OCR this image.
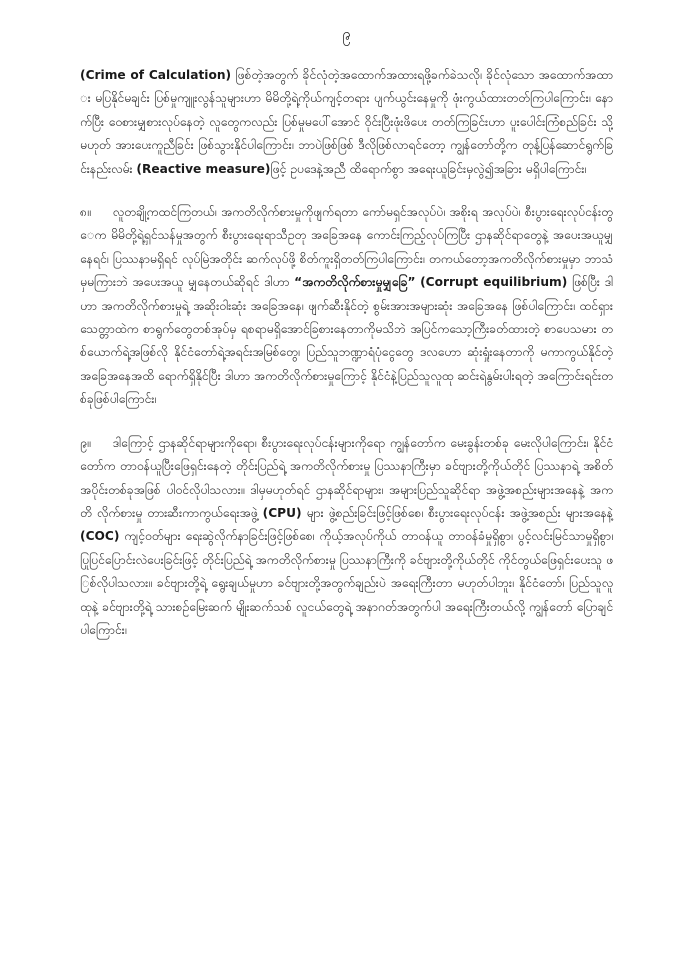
၉

(Crime of Calculation) ဖြစ်တဲ့အတွက် ခိုင်လုံတဲ့အထောက်အထားရဖို့ခက်ခဲသလို၊ ခိုင်လုံသော အထောက်အထား မပြနိုင်မချင်း ပြစ်မှုကျူးလွန်သူများဟာ မိမိတို့ရဲ့ကိုယ်ကျင့်တရား ပျက်ယွင်းနေမှုကို ဖုံးကွယ်ထားတတ်ကြပါကြောင်း၊ နောက်ပြီး ဝေစားမျှစားလုပ်နေတဲ့ လူတွေကလည်း ပြစ်မှုမပေါ်အောင် ဝိုင်းပြီးဖုံးဖိပေး တတ်ကြခြင်းဟာ ပူးပေါင်းကြံစည်ခြင်း သို့မဟုတ် အားပေးကူညီခြင်း ဖြစ်သွားနိုင်ပါကြောင်း၊ ဘာပဲဖြစ်ဖြစ် ဒီလိုဖြစ်လာရင်တော့ ကျွန်တော်တို့က တုန့်ပြန်ဆောင်ရွက်ခြင်းနည်းလမ်း (Reactive measure)ဖြင့် ဥပဒေနဲ့အညီ ထိရောက်စွာ အရေးယူခြင်းမှလွဲ၍အခြား မရှိပါကြောင်း၊

၈။ လူတချို့ကထင်ကြတယ်၊ အကတိလိုက်စားမှုကိုဖျက်ရတာ ကော်မရှင်အလုပ်ပဲ၊ အစိုးရ အလုပ်ပဲ၊ စီးပွားရေးလုပ်ငန်းတွေက မိမိတို့ရဲ့ရှင်သန်မှုအတွက် စီးပွားရေးရာသီဥတု အခြေအနေ ကောင်းကြည့်လုပ်ကြပြီး ဌာနဆိုင်ရာတွေနဲ့ အပေးအယူမျှနေရင်၊ ပြဿနာမရှိရင် လုပ်မြဲအတိုင်း ဆက်လုပ်ဖို့ စိတ်ကူးရှိတတ်ကြပါကြောင်း၊ တကယ်တော့အကတိလိုက်စားမှုမှာ ဘာသံမှမကြားဘဲ အပေးအယူ မျှနေတယ်ဆိုရင် ဒါဟာ “အကတိလိုက်စားမှုမျှခြေ” (Corrupt equilibrium) ဖြစ်ပြီး ဒါဟာ အကတိလိုက်စားမှုရဲ့ အဆိုးဝါးဆုံး အခြေအနေ၊ ဖျက်ဆီးနိုင်တဲ့ စွမ်းအားအများဆုံး အခြေအနေ ဖြစ်ပါကြောင်း၊ ထင်ရှားသေတ္တာထဲက စာရွက်တွေတစ်အုပ်မှ ရစရာမရှိအောင်ခြစားနေတာကိုမသိဘဲ အပြင်ကသော့ကြီးခတ်ထားတဲ့ စာပေသမား တစ်ယောက်ရဲ့အဖြစ်လို နိုင်ငံတော်ရဲ့အရင်းအမြစ်တွေ၊ ပြည်သူဘဏ္ဍာရံပုံငွေတွေ ဒလဟော ဆုံးရှုံးနေတာကို မကာကွယ်နိုင်တဲ့ အခြေအနေအထိ ရောက်ရှိနိုင်ပြီး ဒါဟာ အကတိလိုက်စားမှုကြောင့် နိုင်ငံနဲ့ပြည်သူလူထု ဆင်းရဲနွမ်းပါးရတဲ့ အကြောင်းရင်းတစ်ခုဖြစ်ပါကြောင်း၊

၉။ ဒါကြောင့် ဌာနဆိုင်ရာများကိုရော၊ စီးပွားရေးလုပ်ငန်းများကိုရော ကျွန်တော်က မေးခွန်းတစ်ခု မေးလိုပါကြောင်း၊ နိုင်ငံတော်က တာဝန်ယူပြီးဖြေရှင်းနေတဲ့ တိုင်းပြည်ရဲ့ အကတိလိုက်စားမှု ပြဿနာကြီးမှာ ခင်ဗျားတို့ကိုယ်တိုင် ပြဿနာရဲ့ အစိတ်အပိုင်းတစ်ခုအဖြစ် ပါဝင်လိုပါသလား။ ဒါမှမဟုတ်ရင် ဌာနဆိုင်ရာများ၊ အများပြည်သူဆိုင်ရာ အဖွဲ့အစည်းများအနေနဲ့ အကတိ လိုက်စားမှု တားဆီးကာကွယ်ရေးအဖွဲ့ (CPU) များ ဖွဲ့စည်းခြင်းဖြင့်ဖြစ်စေ၊ စီးပွားရေးလုပ်ငန်း အဖွဲ့အစည်း များအနေနဲ့ (COC) ကျင့်ဝတ်များ ရေးဆွဲလိုက်နာခြင်းဖြင့်ဖြစ်စေ၊ ကိုယ့်အလုပ်ကိုယ် တာဝန်ယူ တာဝန်ခံမှုရှိစွာ၊ ပွင့်လင်းမြင်သာမှုရှိစွာ၊ ပြုပြင်ပြောင်းလဲပေးခြင်းဖြင့် တိုင်းပြည်ရဲ့ အကတိလိုက်စားမှု ပြဿနာကြီးကို ခင်ဗျားတို့ကိုယ်တိုင် ကိုင်တွယ်ဖြေရှင်းပေးသူ ဖြစ်လိုပါသလား။ ခင်ဗျားတို့ရဲ့ ရွေးချယ်မှုဟာ ခင်ဗျားတို့အတွက်ချည်းပဲ အရေးကြီးတာ မဟုတ်ပါဘူး၊ နိုင်ငံတော်၊ ပြည်သူလူထုနဲ့ ခင်ဗျားတို့ရဲ့ သားစဉ်မြေးဆက် မျိုးဆက်သစ် လူငယ်တွေရဲ့ အနာဂတ်အတွက်ပါ အရေးကြီးတယ်လို့ ကျွန်တော် ပြောချင်ပါကြောင်း၊
